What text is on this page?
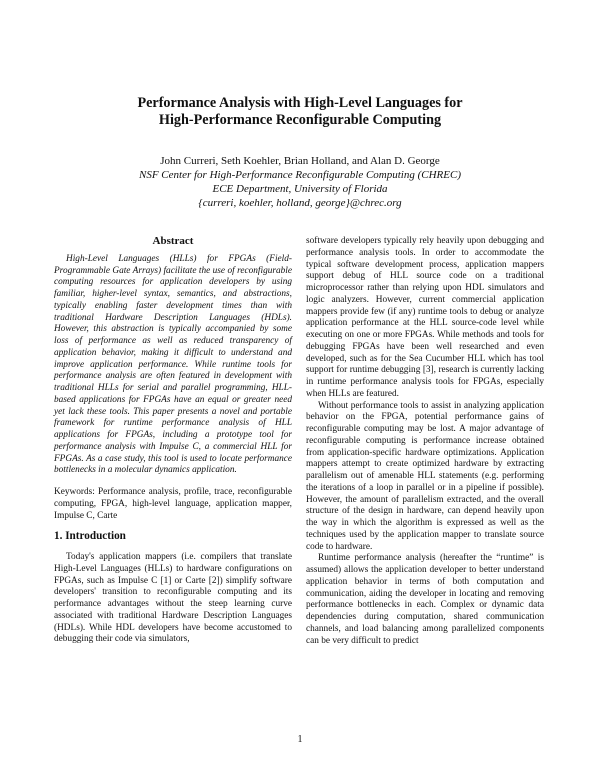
Performance Analysis with High-Level Languages for
High-Performance Reconfigurable Computing
John Curreri, Seth Koehler, Brian Holland, and Alan D. George
NSF Center for High-Performance Reconfigurable Computing (CHREC)
ECE Department, University of Florida
{curreri, koehler, holland, george}@chrec.org
Abstract

High-Level Languages (HLLs) for FPGAs (Field-Programmable Gate Arrays) facilitate the use of reconfigurable computing resources for application developers by using familiar, higher-level syntax, semantics, and abstractions, typically enabling faster development times than with traditional Hardware Description Languages (HDLs). However, this abstraction is typically accompanied by some loss of performance as well as reduced transparency of application behavior, making it difficult to understand and improve application performance. While runtime tools for performance analysis are often featured in development with traditional HLLs for serial and parallel programming, HLL-based applications for FPGAs have an equal or greater need yet lack these tools. This paper presents a novel and portable framework for runtime performance analysis of HLL applications for FPGAs, including a prototype tool for performance analysis with Impulse C, a commercial HLL for FPGAs. As a case study, this tool is used to locate performance bottlenecks in a molecular dynamics application.

Keywords: Performance analysis, profile, trace, reconfigurable computing, FPGA, high-level language, application mapper, Impulse C, Carte

1. Introduction

Today's application mappers (i.e. compilers that translate High-Level Languages (HLLs) to hardware configurations on FPGAs, such as Impulse C [1] or Carte [2]) simplify software developers' transition to reconfigurable computing and its performance advantages without the steep learning curve associated with traditional Hardware Description Languages (HDLs). While HDL developers have become accustomed to debugging their code via simulators,

software developers typically rely heavily upon debugging and performance analysis tools. In order to accommodate the typical software development process, application mappers support debug of HLL source code on a traditional microprocessor rather than relying upon HDL simulators and logic analyzers. However, current commercial application mappers provide few (if any) runtime tools to debug or analyze application performance at the HLL source-code level while executing on one or more FPGAs. While methods and tools for debugging FPGAs have been well researched and even developed, such as for the Sea Cucumber HLL which has tool support for runtime debugging [3], research is currently lacking in runtime performance analysis tools for FPGAs, especially when HLLs are featured.

Without performance tools to assist in analyzing application behavior on the FPGA, potential performance gains of reconfigurable computing may be lost. A major advantage of reconfigurable computing is performance increase obtained from application-specific hardware optimizations. Application mappers attempt to create optimized hardware by extracting parallelism out of amenable HLL statements (e.g. performing the iterations of a loop in parallel or in a pipeline if possible). However, the amount of parallelism extracted, and the overall structure of the design in hardware, can depend heavily upon the way in which the algorithm is expressed as well as the techniques used by the application mapper to translate source code to hardware.

Runtime performance analysis (hereafter the “runtime” is assumed) allows the application developer to better understand application behavior in terms of both computation and communication, aiding the developer in locating and removing performance bottlenecks in each. Complex or dynamic data dependencies during computation, shared communication channels, and load balancing among parallelized components can be very difficult to predict

1
